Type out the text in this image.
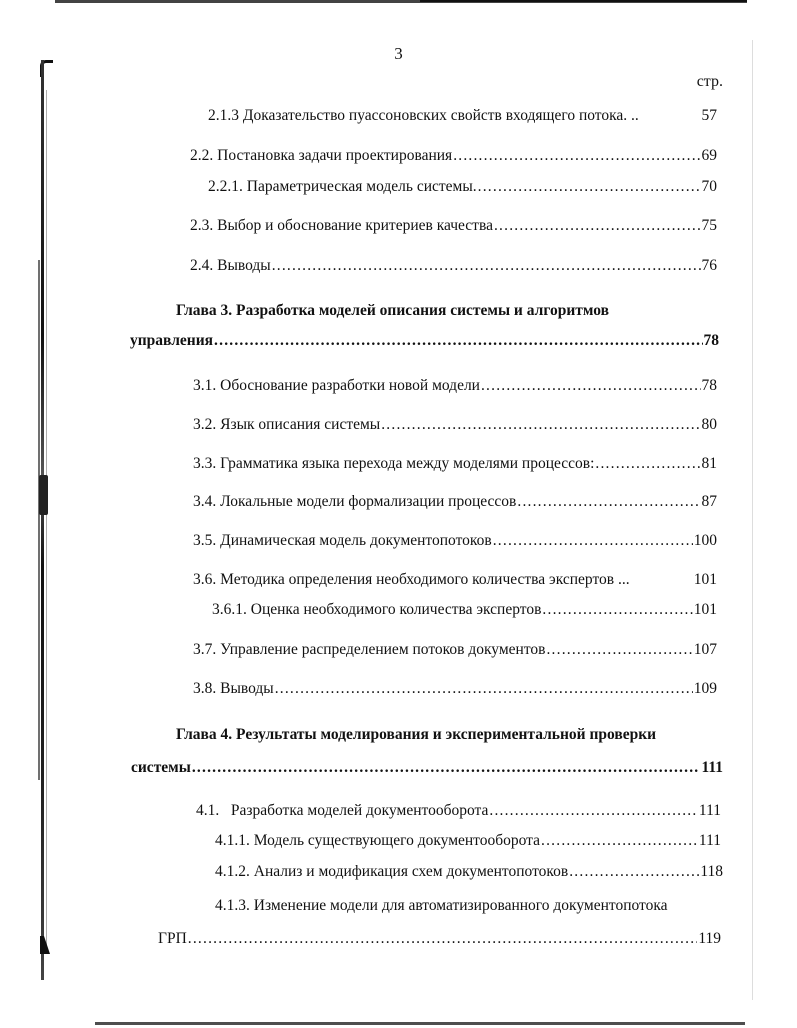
3
стр.
2.1.3 Доказательство пуассоновских свойств входящего потока. ..	57
2.2. Постановка задачи проектирования .....	69
2.2.1. Параметрическая модель системы. .....	70
2.3. Выбор и обоснование критериев качества .....	75
2.4. Выводы .....	76
Глава 3. Разработка моделей описания системы и алгоритмов
управления .....	78
3.1. Обоснование разработки новой модели .....	78
3.2. Язык описания системы .....	80
3.3. Грамматика языка перехода между моделями процессов: .....	81
3.4. Локальные модели формализации процессов .....	87
3.5. Динамическая модель документопотоков .....	100
3.6. Методика определения необходимого количества экспертов ...	101
3.6.1. Оценка необходимого количества экспертов .....	101
3.7. Управление распределением потоков документов .....	107
3.8. Выводы .....	109
Глава 4. Результаты моделирования и экспериментальной проверки
системы .....	111
4.1.   Разработка моделей документооборота .....	111
4.1.1. Модель существующего документооборота .....	111
4.1.2. Анализ и модификация схем документопотоков .....	118
4.1.3. Изменение модели для автоматизированного документопотока
ГРП .....	119
